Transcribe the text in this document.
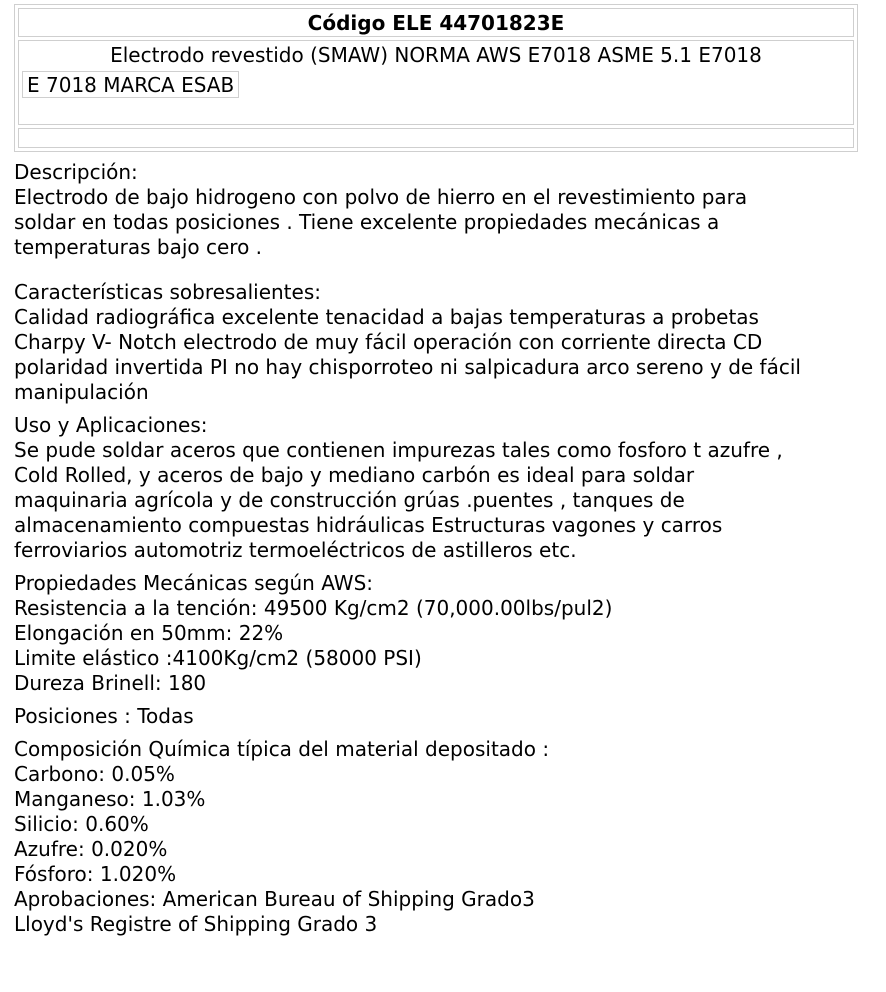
Código ELE 44701823E
Electrodo revestido (SMAW) NORMA AWS E7018 ASME 5.1 E7018
E 7018 MARCA ESAB
Descripción:
Electrodo de bajo hidrogeno con polvo de hierro en el revestimiento para
soldar en todas posiciones . Tiene excelente propiedades mecánicas a
temperaturas bajo cero .
Características sobresalientes:
Calidad radiográfica excelente tenacidad a bajas temperaturas a probetas
Charpy V- Notch electrodo de muy fácil operación con corriente directa CD
polaridad invertida PI no hay chisporroteo ni salpicadura arco sereno y de fácil
manipulación
Uso y Aplicaciones:
Se pude soldar aceros que contienen impurezas tales como fosforo t azufre ,
Cold Rolled, y aceros de bajo y mediano carbón es ideal para soldar
maquinaria agrícola y de construcción grúas .puentes , tanques de
almacenamiento compuestas hidráulicas Estructuras vagones y carros
ferroviarios automotriz termoeléctricos de astilleros etc.
Propiedades Mecánicas según AWS:
Resistencia a la tención: 49500 Kg/cm2 (70,000.00lbs/pul2)
Elongación en 50mm: 22%
Limite elástico :4100Kg/cm2 (58000 PSI)
Dureza Brinell: 180
Posiciones : Todas
Composición Química típica del material depositado :
Carbono: 0.05%
Manganeso: 1.03%
Silicio: 0.60%
Azufre: 0.020%
Fósforo: 1.020%
Aprobaciones: American Bureau of Shipping Grado3
Lloyd's Registre of Shipping Grado 3
